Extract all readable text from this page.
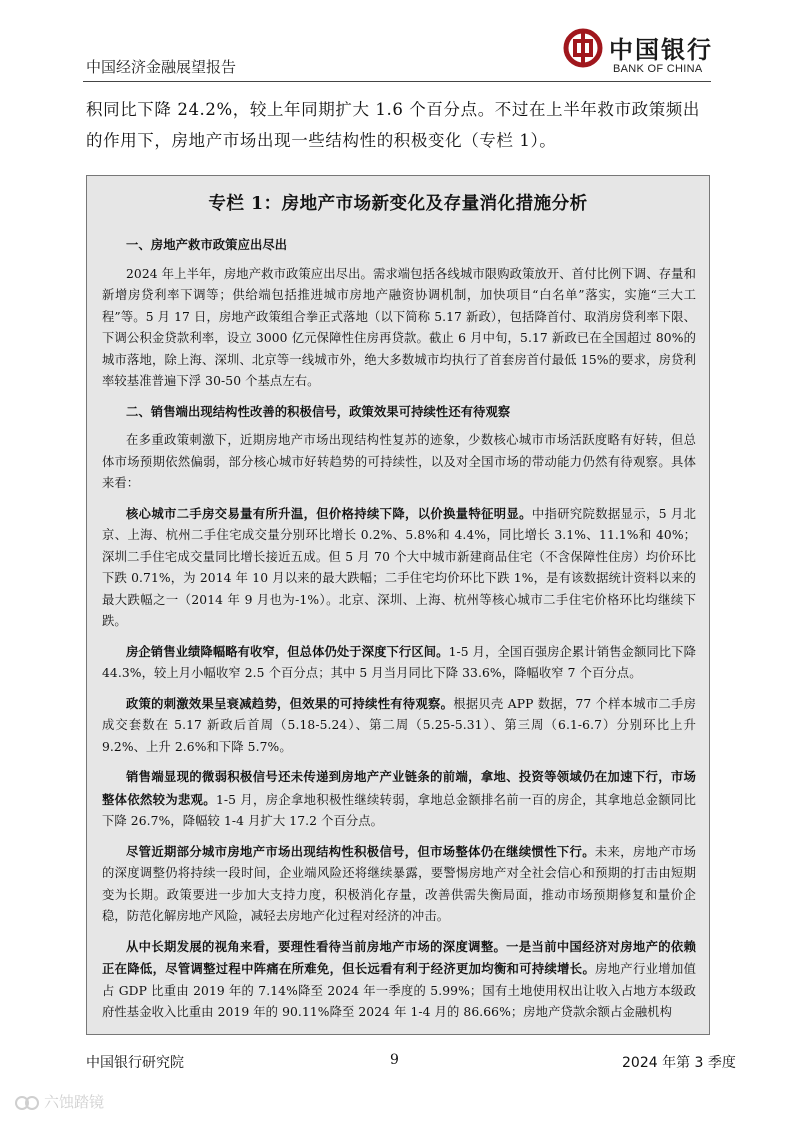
中国经济金融展望报告
中国银行
BANK OF CHINA

积同比下降 24.2%，较上年同期扩大 1.6 个百分点。不过在上半年救市政策频出

的作用下，房地产市场出现一些结构性的积极变化（专栏 1）。

专栏 1：房地产市场新变化及存量消化措施分析
一、房地产救市政策应出尽出
2024 年上半年，房地产救市政策应出尽出。需求端包括各线城市限购政策放开、首付比例下调、存量和新增房贷利率下调等；供给端包括推进城市房地产融资协调机制，加快项目“白名单”落实，实施“三大工程”等。5 月 17 日，房地产政策组合拳正式落地（以下简称 5.17 新政），包括降首付、取消房贷利率下限、下调公积金贷款利率，设立 3000 亿元保障性住房再贷款。截止 6 月中旬，5.17 新政已在全国超过 80%的城市落地，除上海、深圳、北京等一线城市外，绝大多数城市均执行了首套房首付最低 15%的要求，房贷利率较基准普遍下浮 30-50 个基点左右。
二、销售端出现结构性改善的积极信号，政策效果可持续性还有待观察
在多重政策刺激下，近期房地产市场出现结构性复苏的迹象，少数核心城市市场活跃度略有好转，但总体市场预期依然偏弱，部分核心城市好转趋势的可持续性，以及对全国市场的带动能力仍然有待观察。具体来看：
核心城市二手房交易量有所升温，但价格持续下降，以价换量特征明显。中指研究院数据显示，5 月北京、上海、杭州二手住宅成交量分别环比增长 0.2%、5.8%和 4.4%，同比增长 3.1%、11.1%和 40%；深圳二手住宅成交量同比增长接近五成。但 5 月 70 个大中城市新建商品住宅（不含保障性住房）均价环比下跌 0.71%，为 2014 年 10 月以来的最大跌幅；二手住宅均价环比下跌 1%，是有该数据统计资料以来的最大跌幅之一（2014 年 9 月也为-1%）。北京、深圳、上海、杭州等核心城市二手住宅价格环比均继续下跌。
房企销售业绩降幅略有收窄，但总体仍处于深度下行区间。1-5 月，全国百强房企累计销售金额同比下降 44.3%，较上月小幅收窄 2.5 个百分点；其中 5 月当月同比下降 33.6%，降幅收窄 7 个百分点。
政策的刺激效果呈衰减趋势，但效果的可持续性有待观察。根据贝壳 APP 数据，77 个样本城市二手房成交套数在 5.17 新政后首周（5.18-5.24）、第二周（5.25-5.31）、第三周（6.1-6.7）分别环比上升 9.2%、上升 2.6%和下降 5.7%。
销售端显现的微弱积极信号还未传递到房地产产业链条的前端，拿地、投资等领域仍在加速下行，市场整体依然较为悲观。1-5 月，房企拿地积极性继续转弱，拿地总金额排名前一百的房企，其拿地总金额同比下降 26.7%，降幅较 1-4 月扩大 17.2 个百分点。
尽管近期部分城市房地产市场出现结构性积极信号，但市场整体仍在继续惯性下行。未来，房地产市场的深度调整仍将持续一段时间，企业端风险还将继续暴露，要警惕房地产对全社会信心和预期的打击由短期变为长期。政策要进一步加大支持力度，积极消化存量，改善供需失衡局面，推动市场预期修复和量价企稳，防范化解房地产风险，减轻去房地产化过程对经济的冲击。
从中长期发展的视角来看，要理性看待当前房地产市场的深度调整。一是当前中国经济对房地产的依赖正在降低，尽管调整过程中阵痛在所难免，但长远看有利于经济更加均衡和可持续增长。房地产行业增加值占 GDP 比重由 2019 年的 7.14%降至 2024 年一季度的 5.99%；国有土地使用权出让收入占地方本级政府性基金收入比重由 2019 年的 90.11%降至 2024 年 1-4 月的 86.66%；房地产贷款余额占金融机构
中国银行研究院	9	2024 年第 3 季度
六蚀踏镜
